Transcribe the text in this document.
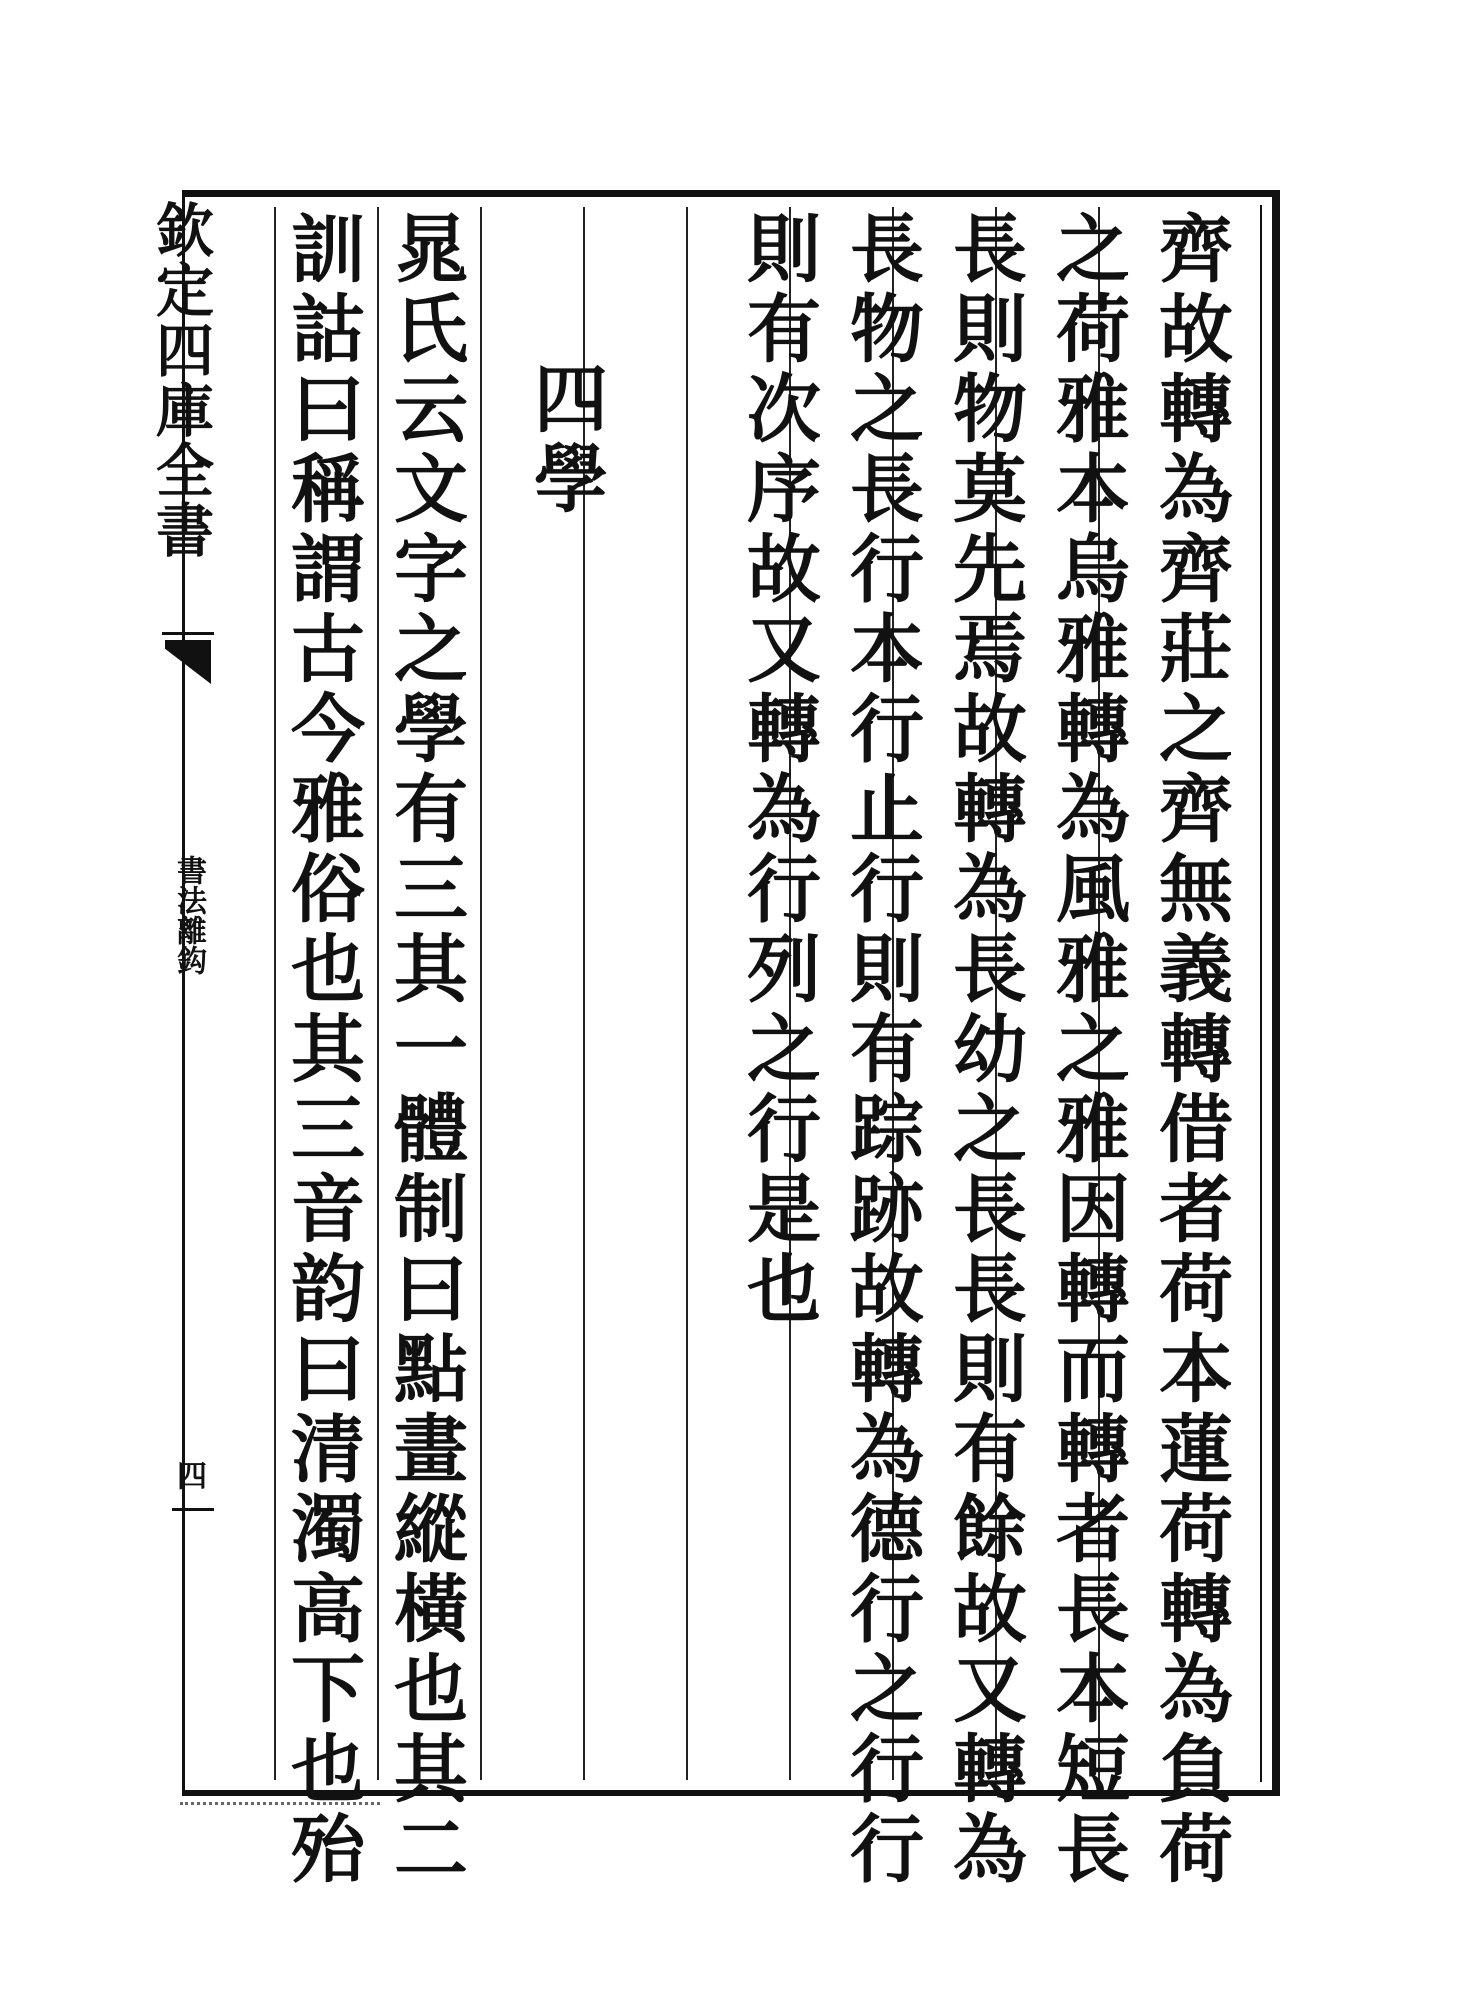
欽定四庫全書
書法離鈎
四	齊故轉為齊莊之齊無義轉借者荷本蓮荷轉為負荷
之荷雅本烏雅轉為風雅之雅因轉而轉者長本短長
長則物莫先焉故轉為長幼之長長則有餘故又轉為
長物之長行本行止行則有踪跡故轉為德行之行行
則有次序故又轉為行列之行是也
四學
晁氏云文字之學有三其一體制曰點畫縱橫也其二
訓詁曰稱謂古今雅俗也其三音韵曰清濁高下也殆
